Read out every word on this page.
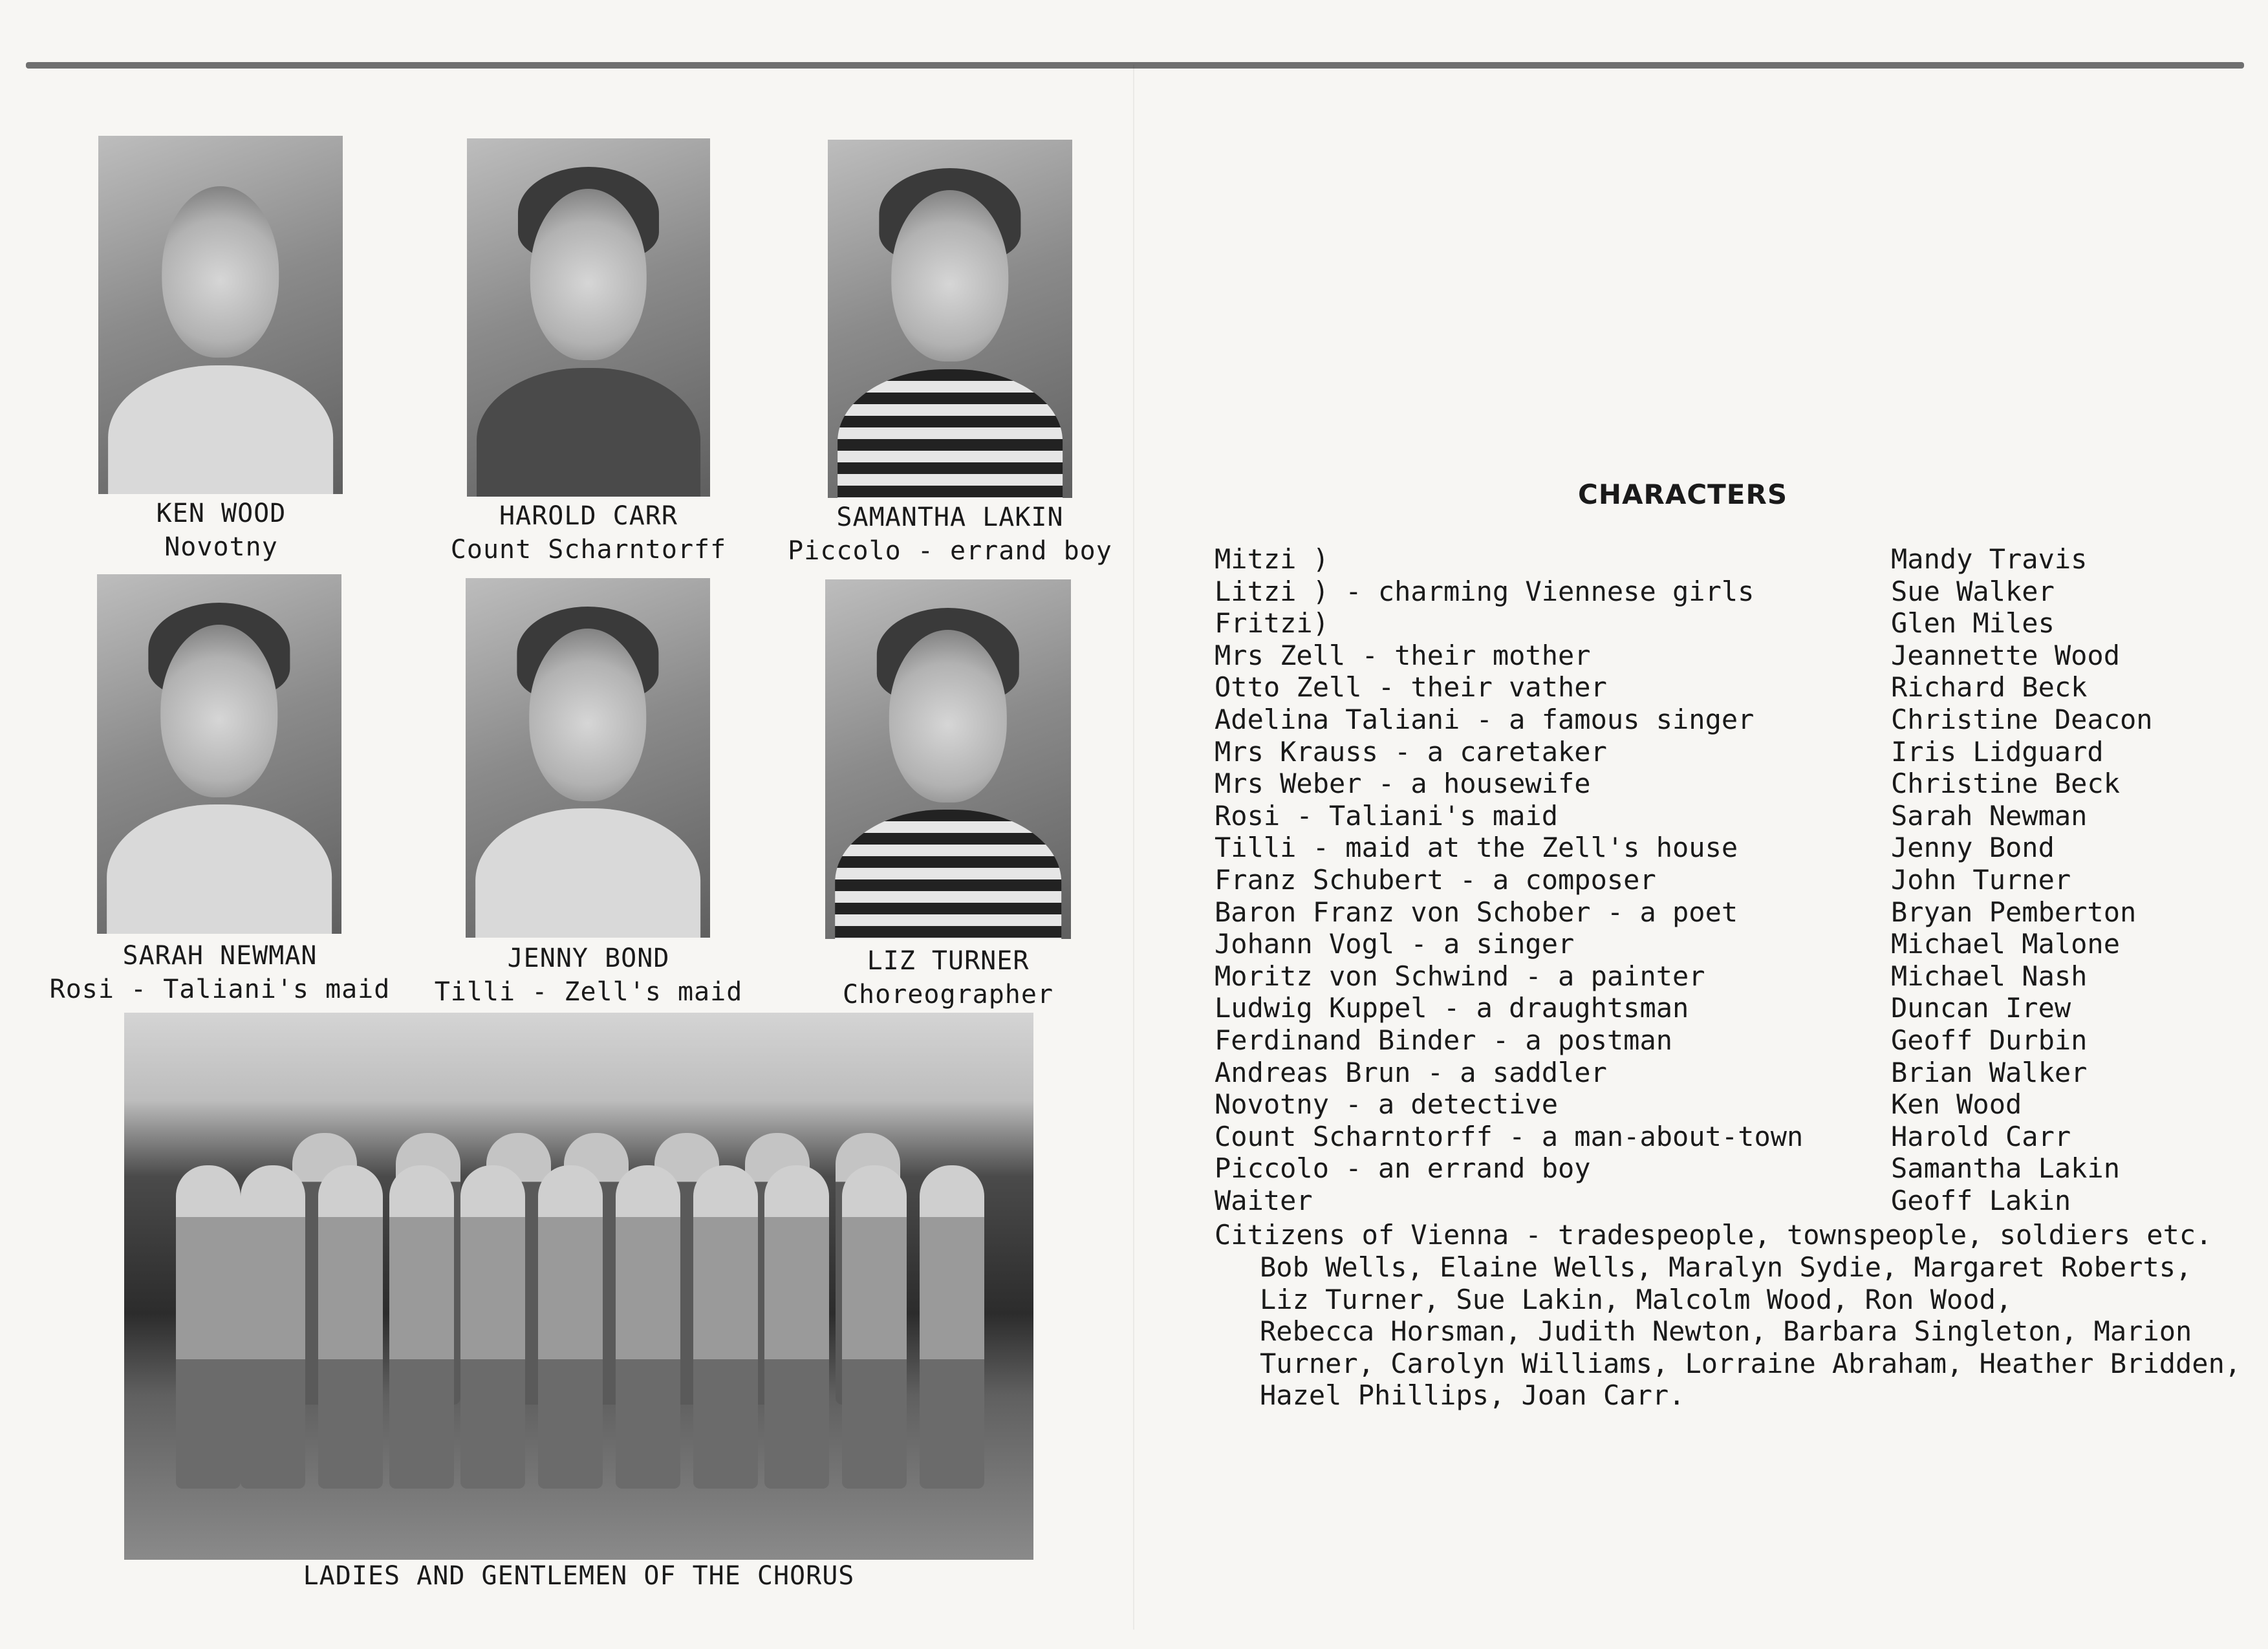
KEN WOOD
Novotny
HAROLD CARR
Count Scharntorff
SAMANTHA LAKIN
Piccolo - errand boy
SARAH NEWMAN
Rosi - Taliani's maid
JENNY BOND
Tilli - Zell's maid
LIZ TURNER
Choreographer
LADIES AND GENTLEMEN OF THE CHORUS
CHARACTERS
Mitzi )	Mandy Travis
Litzi ) - charming Viennese girls	Sue Walker
Fritzi)	Glen Miles
Mrs Zell - their mother	Jeannette Wood
Otto Zell - their vather	Richard Beck
Adelina Taliani - a famous singer	Christine Deacon
Mrs Krauss - a caretaker	Iris Lidguard
Mrs Weber - a housewife	Christine Beck
Rosi - Taliani's maid	Sarah Newman
Tilli - maid at the Zell's house	Jenny Bond
Franz Schubert - a composer	John Turner
Baron Franz von Schober - a poet	Bryan Pemberton
Johann Vogl - a singer	Michael Malone
Moritz von Schwind - a painter	Michael Nash
Ludwig Kuppel - a draughtsman	Duncan Irew
Ferdinand Binder - a postman	Geoff Durbin
Andreas Brun - a saddler	Brian Walker
Novotny - a detective	Ken Wood
Count Scharntorff - a man-about-town	Harold Carr
Piccolo - an errand boy	Samantha Lakin
Waiter	Geoff Lakin
Citizens of Vienna - tradespeople, townspeople, soldiers etc.
Bob Wells, Elaine Wells, Maralyn Sydie, Margaret Roberts,
Liz Turner, Sue Lakin, Malcolm Wood, Ron Wood,
Rebecca Horsman, Judith Newton, Barbara Singleton, Marion
Turner, Carolyn Williams, Lorraine Abraham, Heather Bridden,
Hazel Phillips, Joan Carr.
